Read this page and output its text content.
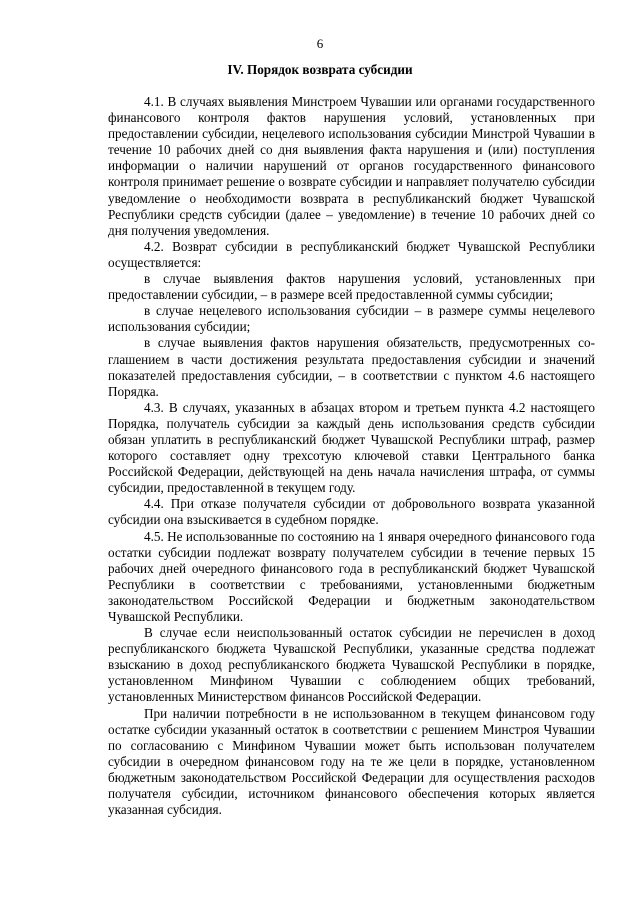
6
IV. Порядок возврата субсидии

4.1. В случаях выявления Минстроем Чувашии или органами государственного финансового контроля фактов нарушения условий, установленных при предоставлении субсидии, нецелевого использования субсидии Минстрой Чувашии в течение 10 рабочих дней со дня выявления факта нарушения и (или) поступления информации о наличии нарушений от органов государственного финансового контроля принимает решение о возврате субсидии и направляет получателю субсидии уведомление о необходимости возврата в республиканский бюджет Чувашской Республики средств субсидии (далее – уведомление) в течение 10 рабочих дней со дня получения уведомления.

4.2. Возврат субсидии в республиканский бюджет Чувашской Республики осуществляется:

в случае выявления фактов нарушения условий, установленных при предоставлении субсидии, – в размере всей предоставленной суммы субсидии;

в случае нецелевого использования субсидии – в размере суммы нецелевого использования субсидии;

в случае выявления фактов нарушения обязательств, предусмотренных соглашением в части достижения результата предоставления субсидии и значений показателей предоставления субсидии, – в соответствии с пунктом 4.6 настоящего Порядка.

4.3. В случаях, указанных в абзацах втором и третьем пункта 4.2 настоящего Порядка, получатель субсидии за каждый день использования средств субсидии обязан уплатить в республиканский бюджет Чувашской Республики штраф, размер которого составляет одну трехсотую ключевой ставки Центрального банка Российской Федерации, действующей на день начала начисления штрафа, от суммы субсидии, предоставленной в текущем году.

4.4. При отказе получателя субсидии от добровольного возврата указанной субсидии она взыскивается в судебном порядке.

4.5. Не использованные по состоянию на 1 января очередного финансового года остатки субсидии подлежат возврату получателем субсидии в течение первых 15 рабочих дней очередного финансового года в республиканский бюджет Чувашской Республики в соответствии с требованиями, установленными бюджетным законодательством Российской Федерации и бюджетным законодательством Чувашской Республики.

В случае если неиспользованный остаток субсидии не перечислен в доход республиканского бюджета Чувашской Республики, указанные средства подлежат взысканию в доход республиканского бюджета Чувашской Республики в порядке, установленном Минфином Чувашии с соблюдением общих требований, установленных Министерством финансов Российской Федерации.

При наличии потребности в не использованном в текущем финансовом году остатке субсидии указанный остаток в соответствии с решением Минстроя Чувашии по согласованию с Минфином Чувашии может быть использован получателем субсидии в очередном финансовом году на те же цели в порядке, установленном бюджетным законодательством Российской Федерации для осуществления расходов получателя субсидии, источником финансового обеспечения которых является указанная субсидия.
